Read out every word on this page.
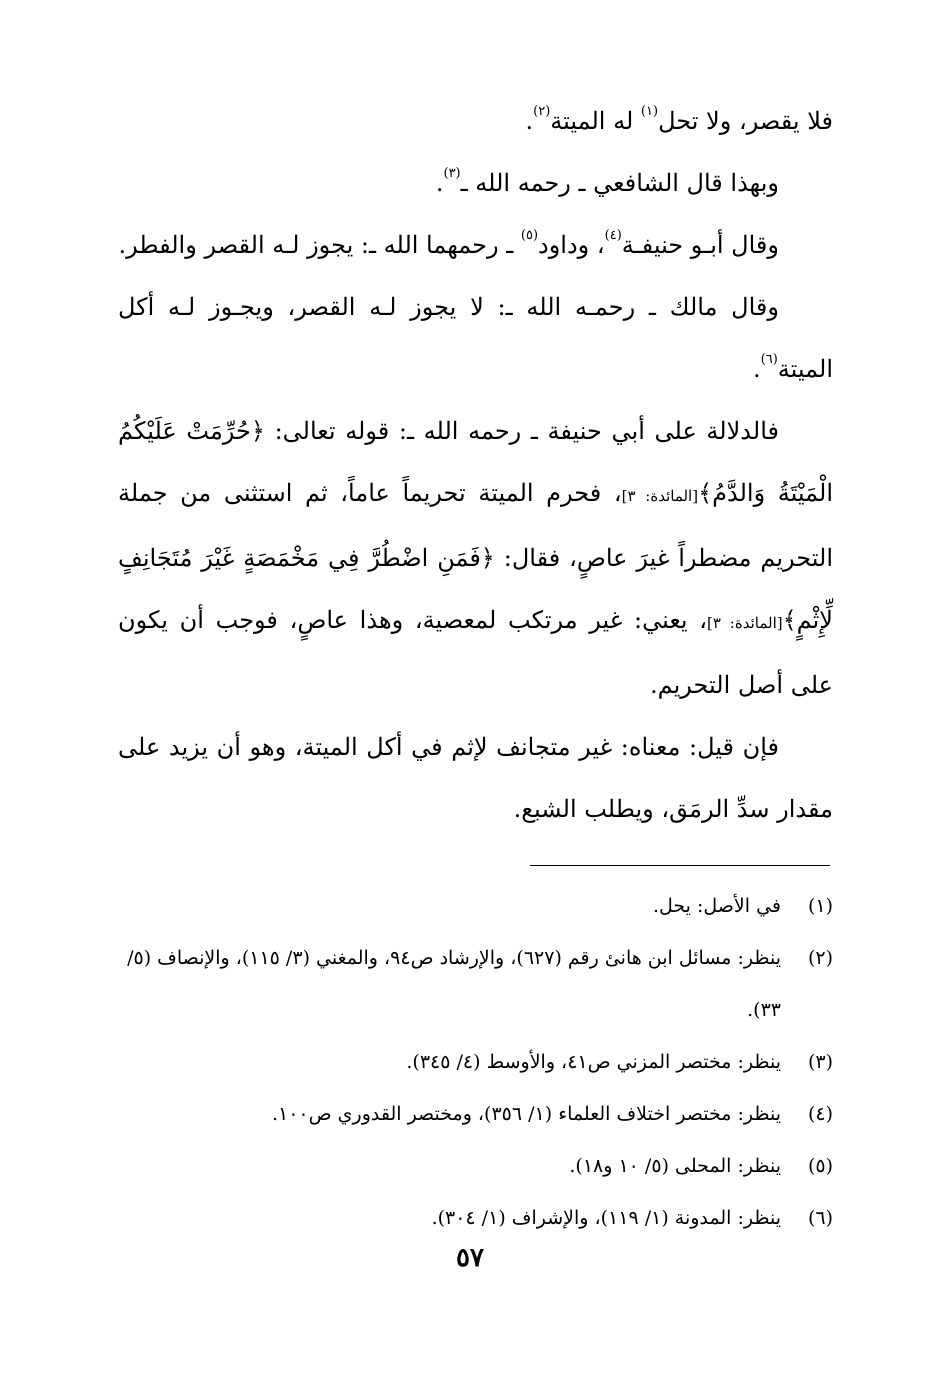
فلا يقصر، ولا تحل$^{(١)}$ له الميتة$^{(٢)}$.

وبهذا قال الشافعي ـ رحمه الله ـ$^{(٣)}$.

وقال أبـو حنيفـة$^{(٤)}$، وداود$^{(٥)}$ ـ رحمهما الله ـ: يجوز لـه القصر والفطر.

وقال مالك ـ رحمـه الله ـ: لا يجوز لـه القصر، ويجـوز لـه أكل الميتة$^{(٦)}$.

فالدلالة على أبي حنيفة ـ رحمه الله ـ: قوله تعالى: ﴿حُرِّمَتْ عَلَيْكُمُ الْمَيْتَةُ وَالدَّمُ﴾[المائدة: ٣]، فحرم الميتة تحريماً عاماً، ثم استثنى من جملة التحريم مضطراً غيرَ عاصٍ، فقال: ﴿فَمَنِ اضْطُرَّ فِي مَخْمَصَةٍ غَيْرَ مُتَجَانِفٍ لِّإِثْمٍ﴾[المائدة: ٣]، يعني: غير مرتكب لمعصية، وهذا عاصٍ، فوجب أن يكون على أصل التحريم.

فإن قيل: معناه: غير متجانف لإثم في أكل الميتة، وهو أن يزيد على مقدار سدِّ الرمَق، ويطلب الشبع.

(١)
في الأصل: يحل.
(٢)
ينظر: مسائل ابن هانئ رقم (٦٢٧)، والإرشاد ص٩٤، والمغني (٣/ ١١٥)، والإنصاف (٥/ ٣٣).
(٣)
ينظر: مختصر المزني ص٤١، والأوسط (٤/ ٣٤٥).
(٤)
ينظر: مختصر اختلاف العلماء (١/ ٣٥٦)، ومختصر القدوري ص١٠٠.
(٥)
ينظر: المحلى (٥/ ١٠ و١٨).
(٦)
ينظر: المدونة (١/ ١١٩)، والإشراف (١/ ٣٠٤).
٥٧
